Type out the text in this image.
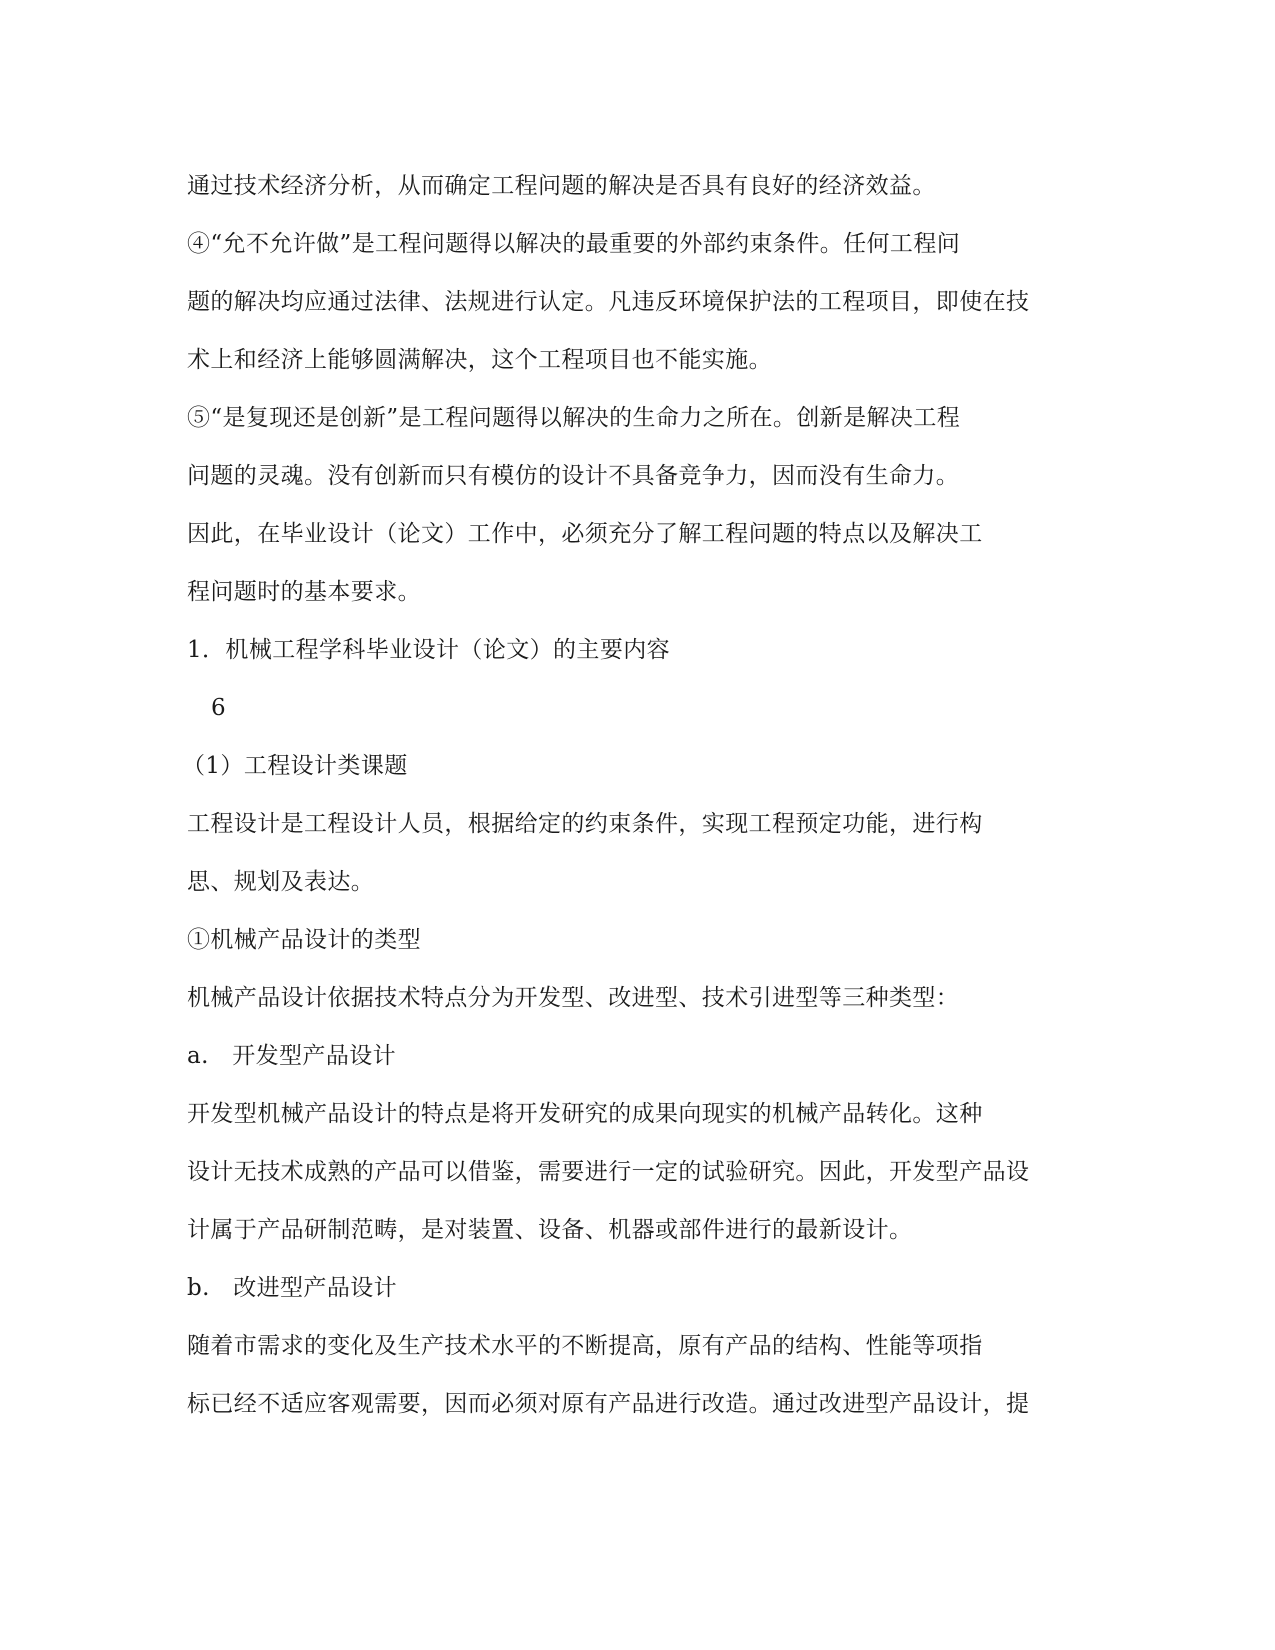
通过技术经济分析，从而确定工程问题的解决是否具有良好的经济效益。
④“允不允许做”是工程问题得以解决的最重要的外部约束条件。任何工程问
题的解决均应通过法律、法规进行认定。凡违反环境保护法的工程项目，即使在技
术上和经济上能够圆满解决，这个工程项目也不能实施。
⑤“是复现还是创新”是工程问题得以解决的生命力之所在。创新是解决工程
问题的灵魂。没有创新而只有模仿的设计不具备竞争力，因而没有生命力。
因此，在毕业设计（论文）工作中，必须充分了解工程问题的特点以及解决工
程问题时的基本要求。
1．机械工程学科毕业设计（论文）的主要内容
6
（1）工程设计类课题
工程设计是工程设计人员，根据给定的约束条件，实现工程预定功能，进行构
思、规划及表达。
①机械产品设计的类型
机械产品设计依据技术特点分为开发型、改进型、技术引进型等三种类型：
a.　开发型产品设计
开发型机械产品设计的特点是将开发研究的成果向现实的机械产品转化。这种
设计无技术成熟的产品可以借鉴，需要进行一定的试验研究。因此，开发型产品设
计属于产品研制范畴，是对装置、设备、机器或部件进行的最新设计。
b.　改进型产品设计
随着市需求的变化及生产技术水平的不断提高，原有产品的结构、性能等项指
标已经不适应客观需要，因而必须对原有产品进行改造。通过改进型产品设计，提
